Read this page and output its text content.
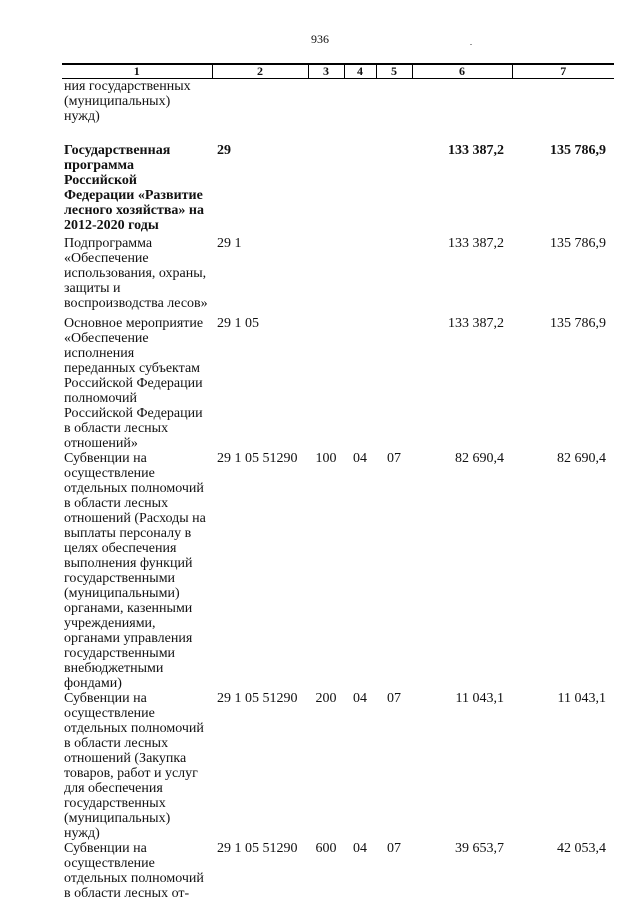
936
1	2	3	4	5	6	7
ния государственных (муниципальных) нужд)						
Государственная программа Российской Федерации «Развитие лесного хозяйства» на 2012-2020 годы	29				133 387,2	135 786,9
Подпрограмма «Обеспечение использования, охраны, защиты и воспроизводства лесов»	29 1				133 387,2	135 786,9
Основное мероприятие «Обеспечение исполнения переданных субъектам Российской Федерации полномочий Российской Федерации в области лесных отношений»	29 1 05				133 387,2	135 786,9
Субвенции на осуществление отдельных полномочий в области лесных отношений (Расходы на выплаты персоналу в целях обеспечения выполнения функций государственными (муниципальными) органами, казенными учреждениями, органами управления государственными внебюджетными фондами)	29 1 05 51290	100	04	07	82 690,4	82 690,4
Субвенции на осуществление отдельных полномочий в области лесных отношений (Закупка товаров, работ и услуг для обеспечения государственных (муниципальных) нужд)	29 1 05 51290	200	04	07	11 043,1	11 043,1
Субвенции на осуществление отдельных полномочий в области лесных от-	29 1 05 51290	600	04	07	39 653,7	42 053,4
